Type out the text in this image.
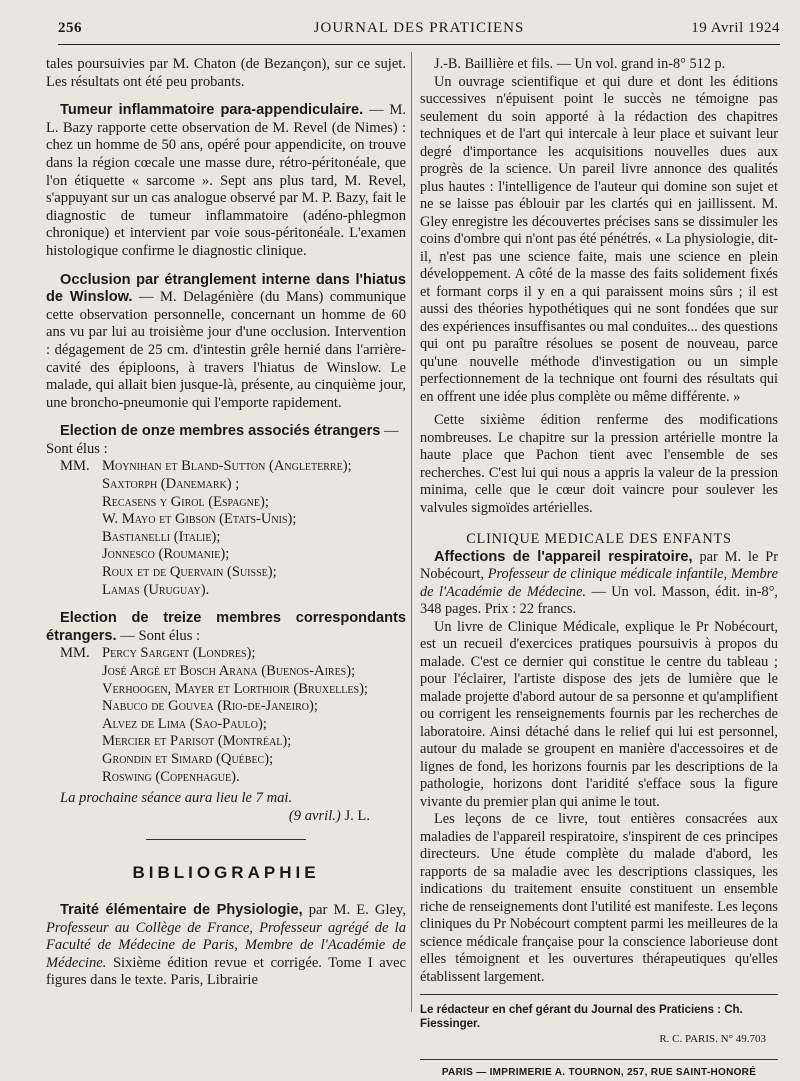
256	JOURNAL DES PRATICIENS	19 Avril 1924

tales poursuivies par M. Chaton (de Bezançon), sur ce sujet. Les résultats ont été peu probants.

Tumeur inflammatoire para-appendiculaire. — M. L. Bazy rapporte cette observation de M. Revel (de Nimes) : chez un homme de 50 ans, opéré pour appendicite, on trouve dans la région cœcale une masse dure, rétro-péritonéale, que l'on étiquette « sarcome ». Sept ans plus tard, M. Revel, s'appuyant sur un cas analogue observé par M. P. Bazy, fait le diagnostic de tumeur inflammatoire (adéno-phlegmon chronique) et intervient par voie sous-péritonéale. L'examen histologique confirme le diagnostic clinique.

Occlusion par étranglement interne dans l'hiatus de Winslow. — M. Delagénière (du Mans) communique cette observation personnelle, concernant un homme de 60 ans vu par lui au troisième jour d'une occlusion. Intervention : dégagement de 25 cm. d'intestin grêle hernié dans l'arrière-cavité des épiploons, à travers l'hiatus de Winslow. Le malade, qui allait bien jusque-là, présente, au cinquième jour, une broncho-pneumonie qui l'emporte rapidement.

Election de onze membres associés étrangers —

Sont élus :

MM. Moynihan et Bland-Sutton (Angleterre);

Saxtorph (Danemark) ;

Recasens y Girol (Espagne);

W. Mayo et Gibson (Etats-Unis);

Bastianelli (Italie);

Jonnesco (Roumanie);

Roux et de Quervain (Suisse);

Lamas (Uruguay).

Election de treize membres correspondants étrangers. — Sont élus :

MM. Percy Sargent (Londres);

José Argé et Bosch Arana (Buenos-Aires);

Verhoogen, Mayer et Lorthioir (Bruxelles);

Nabuco de Gouvea (Rio-de-Janeiro);

Alvez de Lima (Sao-Paulo);

Mercier et Parisot (Montréal);

Grondin et Simard (Québec);

Roswing (Copenhague).

La prochaine séance aura lieu le 7 mai.

(9 avril.) J. L.

BIBLIOGRAPHIE

Traité élémentaire de Physiologie, par M. E. Gley, Professeur au Collège de France, Professeur agrégé de la Faculté de Médecine de Paris, Membre de l'Académie de Médecine. Sixième édition revue et corrigée. Tome I avec figures dans le texte. Paris, Librairie

J.-B. Baillière et fils. — Un vol. grand in-8° 512 p.

Un ouvrage scientifique et qui dure et dont les éditions successives n'épuisent point le succès ne témoigne pas seulement du soin apporté à la rédaction des chapitres techniques et de l'art qui intercale à leur place et suivant leur degré d'importance les acquisitions nouvelles dues aux progrès de la science. Un pareil livre annonce des qualités plus hautes : l'intelligence de l'auteur qui domine son sujet et ne se laisse pas éblouir par les clartés qui en jaillissent. M. Gley enregistre les découvertes précises sans se dissimuler les coins d'ombre qui n'ont pas été pénétrés. « La physiologie, dit-il, n'est pas une science faite, mais une science en plein développement. A côté de la masse des faits solidement fixés et formant corps il y en a qui paraissent moins sûrs ; il est aussi des théories hypothétiques qui ne sont fondées que sur des expériences insuffisantes ou mal conduites... des questions qui ont pu paraître résolues se posent de nouveau, parce qu'une nouvelle méthode d'investigation ou un simple perfectionnement de la technique ont fourni des résultats qui en offrent une idée plus complète ou même différente. »

Cette sixième édition renferme des modifications nombreuses. Le chapitre sur la pression artérielle montre la haute place que Pachon tient avec l'ensemble de ses recherches. C'est lui qui nous a appris la valeur de la pression minima, celle que le cœur doit vaincre pour soulever les valvules sigmoïdes artérielles.

CLINIQUE MEDICALE DES ENFANTS

Affections de l'appareil respiratoire, par M. le Pr Nobécourt, Professeur de clinique médicale infantile, Membre de l'Académie de Médecine. — Un vol. Masson, édit. in-8°, 348 pages. Prix : 22 francs.

Un livre de Clinique Médicale, explique le Pr Nobécourt, est un recueil d'exercices pratiques poursuivis à propos du malade. C'est ce dernier qui constitue le centre du tableau ; pour l'éclairer, l'artiste dispose des jets de lumière que le malade projette d'abord autour de sa personne et qu'amplifient ou corrigent les renseignements fournis par les recherches de laboratoire. Ainsi détaché dans le relief qui lui est personnel, autour du malade se groupent en manière d'accessoires et de lignes de fond, les horizons fournis par les descriptions de la pathologie, horizons dont l'aridité s'efface sous la figure vivante du premier plan qui anime le tout.

Les leçons de ce livre, tout entières consacrées aux maladies de l'appareil respiratoire, s'inspirent de ces principes directeurs. Une étude complète du malade d'abord, les rapports de sa maladie avec les descriptions classiques, les indications du traitement ensuite constituent un ensemble riche de renseignements dont l'utilité est manifeste. Les leçons cliniques du Pr Nobécourt comptent parmi les meilleures de la science médicale française pour la conscience laborieuse dont elles témoignent et les ouvertures thérapeutiques qu'elles établissent largement.

Le rédacteur en chef gérant du Journal des Praticiens : Ch. Fiessinger.

R. C. PARIS. N° 49.703

PARIS — IMPRIMERIE A. TOURNON, 257, RUE SAINT-HONORÉ
